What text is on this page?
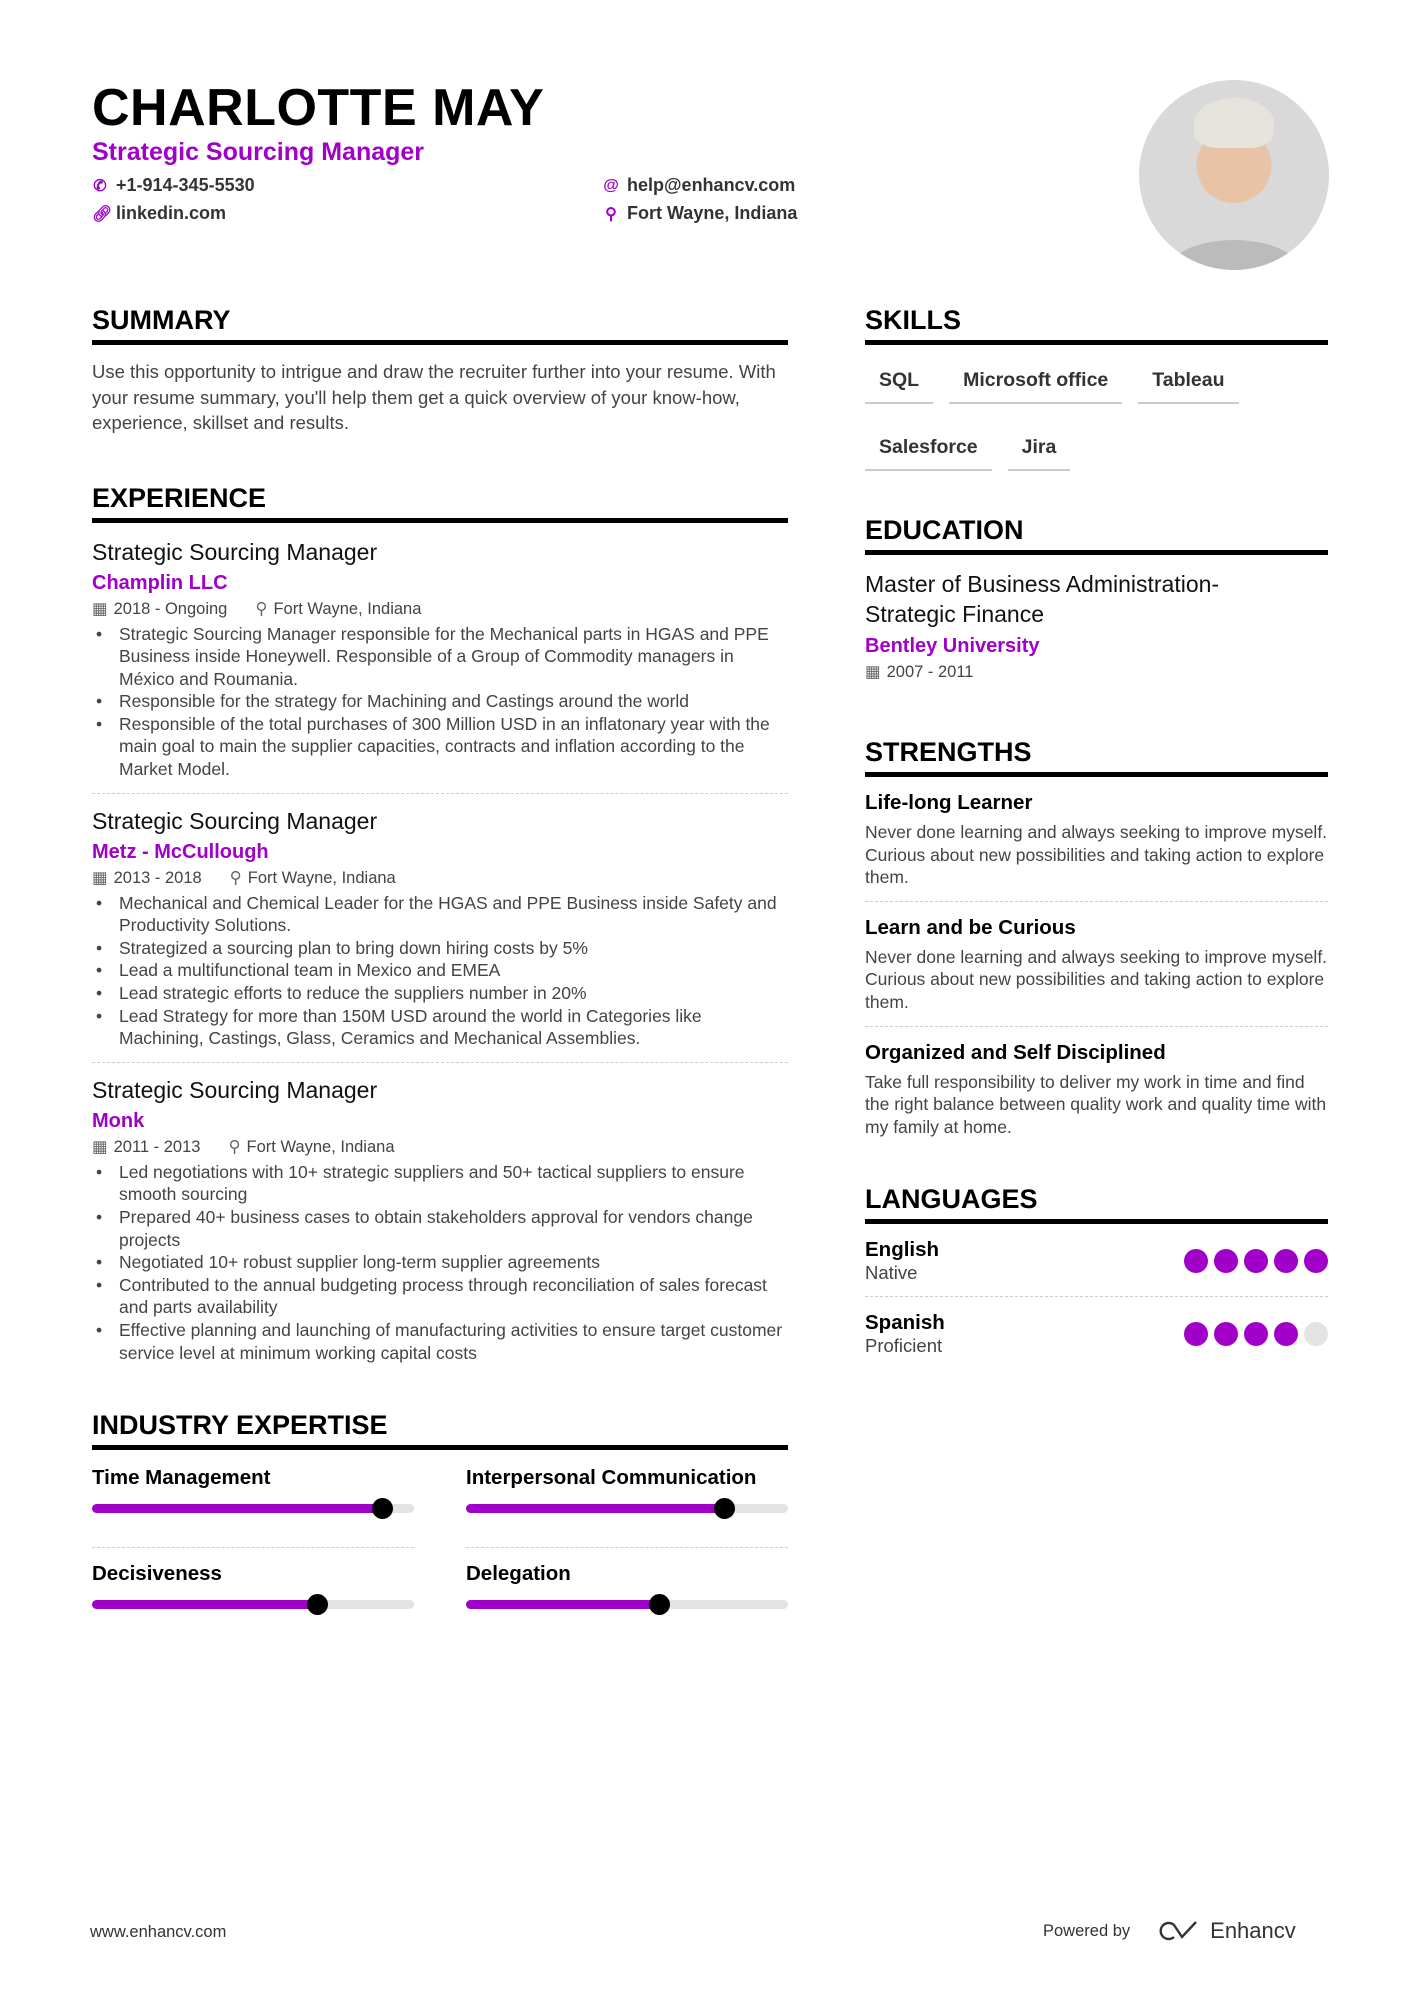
CHARLOTTE MAY
Strategic Sourcing Manager
✆ +1-914-345-5530
🔗︎ linkedin.com
@ help@enhancv.com
⚲ Fort Wayne, Indiana
SUMMARY
Use this opportunity to intrigue and draw the recruiter further into your resume. With your resume summary, you'll help them get a quick overview of your know-how, experience, skillset and results.
EXPERIENCE
Strategic Sourcing Manager
Champlin LLC
▦ 2018 - Ongoing ⚲ Fort Wayne, Indiana
• Strategic Sourcing Manager responsible for the Mechanical parts in HGAS and PPE Business inside Honeywell. Responsible of a Group of Commodity managers in México and Roumania.
• Responsible for the strategy for Machining and Castings around the world
• Responsible of the total purchases of 300 Million USD in an inflatonary year with the main goal to main the supplier capacities, contracts and inflation according to the Market Model.
Strategic Sourcing Manager
Metz - McCullough
▦ 2013 - 2018 ⚲ Fort Wayne, Indiana
• Mechanical and Chemical Leader for the HGAS and PPE Business inside Safety and Productivity Solutions.
• Strategized a sourcing plan to bring down hiring costs by 5%
• Lead a multifunctional team in Mexico and EMEA
• Lead strategic efforts to reduce the suppliers number in 20%
• Lead Strategy for more than 150M USD around the world in Categories like Machining, Castings, Glass, Ceramics and Mechanical Assemblies.
Strategic Sourcing Manager
Monk
▦ 2011 - 2013 ⚲ Fort Wayne, Indiana
• Led negotiations with 10+ strategic suppliers and 50+ tactical suppliers to ensure smooth sourcing
• Prepared 40+ business cases to obtain stakeholders approval for vendors change projects
• Negotiated 10+ robust supplier long-term supplier agreements
• Contributed to the annual budgeting process through reconciliation of sales forecast and parts availability
• Effective planning and launching of manufacturing activities to ensure target customer service level at minimum working capital costs
INDUSTRY EXPERTISE
Time Management	Interpersonal Communication
Decisiveness	Delegation
SKILLS
SQL	Microsoft office	Tableau
Salesforce	Jira
EDUCATION
Master of Business Administration- Strategic Finance
Bentley University
▦ 2007 - 2011
STRENGTHS
Life-long Learner
Never done learning and always seeking to improve myself. Curious about new possibilities and taking action to explore them.
Learn and be Curious
Never done learning and always seeking to improve myself. Curious about new possibilities and taking action to explore them.
Organized and Self Disciplined
Take full responsibility to deliver my work in time and find the right balance between quality work and quality time with my family at home.
LANGUAGES
English
Native
Spanish
Proficient
www.enhancv.com	Powered by	Enhancv
